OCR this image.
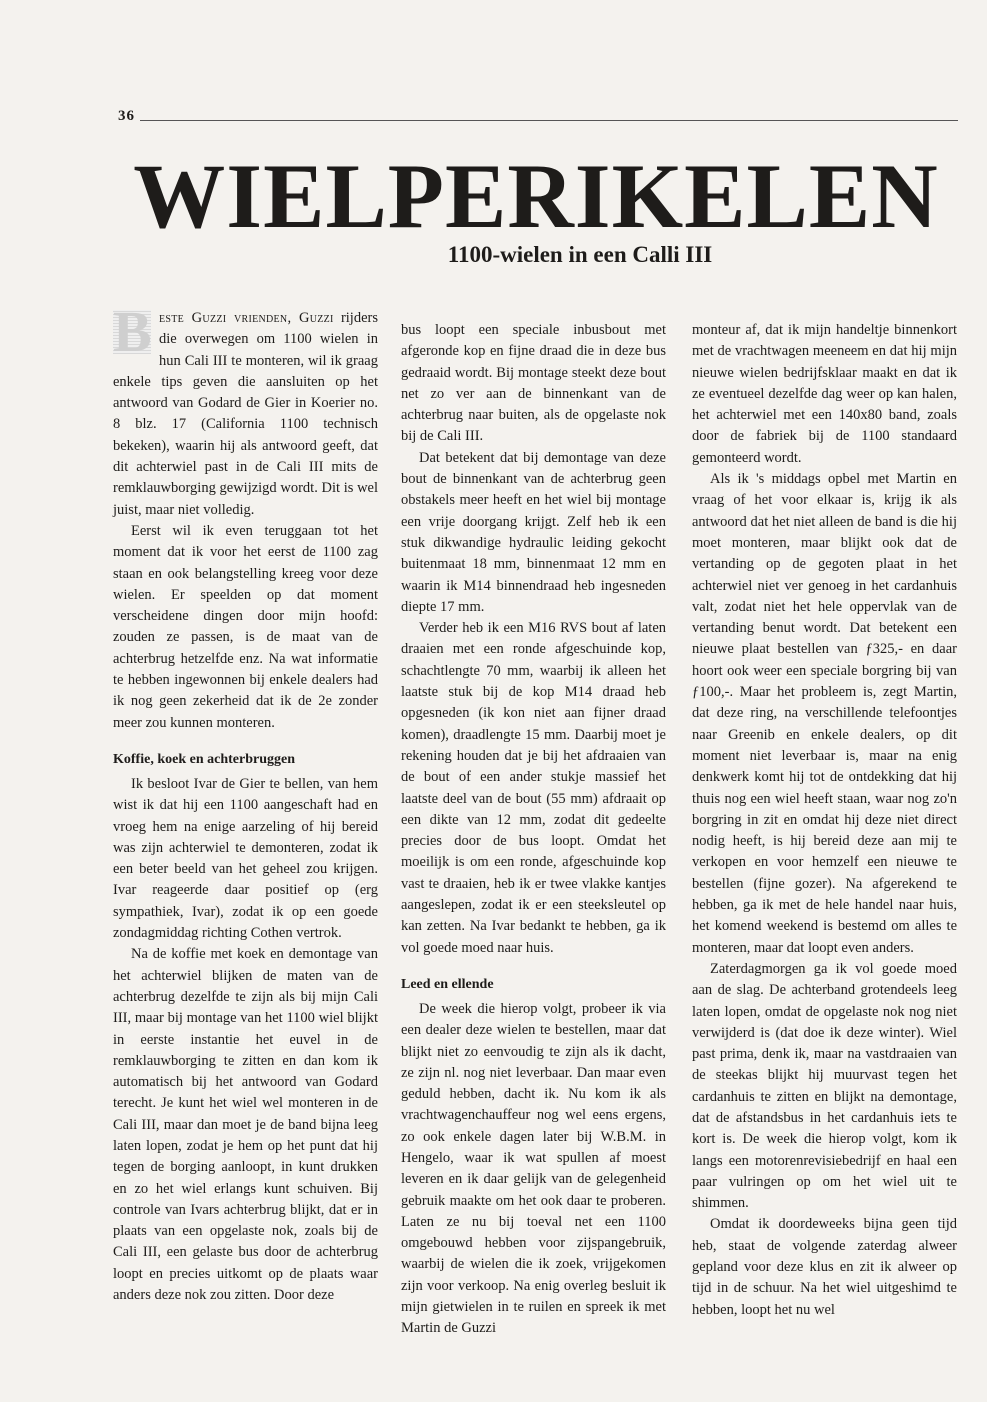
36
WIELPERIKELEN
1100-wielen in een Calli III

B este Guzzi vrienden, Guzzi rijders die overwegen om 1100 wielen in hun Cali III te monteren, wil ik graag enkele tips geven die aansluiten op het antwoord van Godard de Gier in Koerier no. 8 blz. 17 (California 1100 technisch bekeken), waarin hij als antwoord geeft, dat dit achterwiel past in de Cali III mits de remklauwborging gewijzigd wordt. Dit is wel juist, maar niet volledig.

Eerst wil ik even teruggaan tot het moment dat ik voor het eerst de 1100 zag staan en ook belangstelling kreeg voor deze wielen. Er speelden op dat moment verscheidene dingen door mijn hoofd: zouden ze passen, is de maat van de achterbrug hetzelfde enz. Na wat informatie te hebben ingewonnen bij enkele dealers had ik nog geen zekerheid dat ik de 2e zonder meer zou kunnen monteren.

Koffie, koek en achterbruggen

Ik besloot Ivar de Gier te bellen, van hem wist ik dat hij een 1100 aangeschaft had en vroeg hem na enige aarzeling of hij bereid was zijn achterwiel te demonteren, zodat ik een beter beeld van het geheel zou krijgen. Ivar reageerde daar positief op (erg sympathiek, Ivar), zodat ik op een goede zondagmiddag richting Cothen vertrok.

Na de koffie met koek en demontage van het achterwiel blijken de maten van de achterbrug dezelfde te zijn als bij mijn Cali III, maar bij montage van het 1100 wiel blijkt in eerste instantie het euvel in de remklauwborging te zitten en dan kom ik automatisch bij het antwoord van Godard terecht. Je kunt het wiel wel monteren in de Cali III, maar dan moet je de band bijna leeg laten lopen, zodat je hem op het punt dat hij tegen de borging aanloopt, in kunt drukken en zo het wiel erlangs kunt schuiven. Bij controle van Ivars achterbrug blijkt, dat er in plaats van een opgelaste nok, zoals bij de Cali III, een gelaste bus door de achterbrug loopt en precies uitkomt op de plaats waar anders deze nok zou zitten. Door deze

bus loopt een speciale inbusbout met afgeronde kop en fijne draad die in deze bus gedraaid wordt. Bij montage steekt deze bout net zo ver aan de binnenkant van de achterbrug naar buiten, als de opgelaste nok bij de Cali III.

Dat betekent dat bij demontage van deze bout de binnenkant van de achterbrug geen obstakels meer heeft en het wiel bij montage een vrije doorgang krijgt. Zelf heb ik een stuk dikwandige hydraulic leiding gekocht buitenmaat 18 mm, binnenmaat 12 mm en waarin ik M14 binnendraad heb ingesneden diepte 17 mm.

Verder heb ik een M16 RVS bout af laten draaien met een ronde afgeschuinde kop, schachtlengte 70 mm, waarbij ik alleen het laatste stuk bij de kop M14 draad heb opgesneden (ik kon niet aan fijner draad komen), draadlengte 15 mm. Daarbij moet je rekening houden dat je bij het afdraaien van de bout of een ander stukje massief het laatste deel van de bout (55 mm) afdraait op een dikte van 12 mm, zodat dit gedeelte precies door de bus loopt. Omdat het moeilijk is om een ronde, afgeschuinde kop vast te draaien, heb ik er twee vlakke kantjes aangeslepen, zodat ik er een steeksleutel op kan zetten. Na Ivar bedankt te hebben, ga ik vol goede moed naar huis.

Leed en ellende

De week die hierop volgt, probeer ik via een dealer deze wielen te bestellen, maar dat blijkt niet zo eenvoudig te zijn als ik dacht, ze zijn nl. nog niet leverbaar. Dan maar even geduld hebben, dacht ik. Nu kom ik als vrachtwagenchauffeur nog wel eens ergens, zo ook enkele dagen later bij W.B.M. in Hengelo, waar ik wat spullen af moest leveren en ik daar gelijk van de gelegenheid gebruik maakte om het ook daar te proberen. Laten ze nu bij toeval net een 1100 omgebouwd hebben voor zijspangebruik, waarbij de wielen die ik zoek, vrijgekomen zijn voor verkoop. Na enig overleg besluit ik mijn gietwielen in te ruilen en spreek ik met Martin de Guzzi

monteur af, dat ik mijn handeltje binnenkort met de vrachtwagen meeneem en dat hij mijn nieuwe wielen bedrijfsklaar maakt en dat ik ze eventueel dezelfde dag weer op kan halen, het achterwiel met een 140x80 band, zoals door de fabriek bij de 1100 standaard gemonteerd wordt.

Als ik 's middags opbel met Martin en vraag of het voor elkaar is, krijg ik als antwoord dat het niet alleen de band is die hij moet monteren, maar blijkt ook dat de vertanding op de gegoten plaat in het achterwiel niet ver genoeg in het cardanhuis valt, zodat niet het hele oppervlak van de vertanding benut wordt. Dat betekent een nieuwe plaat bestellen van ƒ325,- en daar hoort ook weer een speciale borgring bij van ƒ100,-. Maar het probleem is, zegt Martin, dat deze ring, na verschillende telefoontjes naar Greenib en enkele dealers, op dit moment niet leverbaar is, maar na enig denkwerk komt hij tot de ontdekking dat hij thuis nog een wiel heeft staan, waar nog zo'n borgring in zit en omdat hij deze niet direct nodig heeft, is hij bereid deze aan mij te verkopen en voor hemzelf een nieuwe te bestellen (fijne gozer). Na afgerekend te hebben, ga ik met de hele handel naar huis, het komend weekend is bestemd om alles te monteren, maar dat loopt even anders.

Zaterdagmorgen ga ik vol goede moed aan de slag. De achterband grotendeels leeg laten lopen, omdat de opgelaste nok nog niet verwijderd is (dat doe ik deze winter). Wiel past prima, denk ik, maar na vastdraaien van de steekas blijkt hij muurvast tegen het cardanhuis te zitten en blijkt na demontage, dat de afstandsbus in het cardanhuis iets te kort is. De week die hierop volgt, kom ik langs een motorenrevisiebedrijf en haal een paar vulringen op om het wiel uit te shimmen.

Omdat ik doordeweeks bijna geen tijd heb, staat de volgende zaterdag alweer gepland voor deze klus en zit ik alweer op tijd in de schuur. Na het wiel uitgeshimd te hebben, loopt het nu wel
